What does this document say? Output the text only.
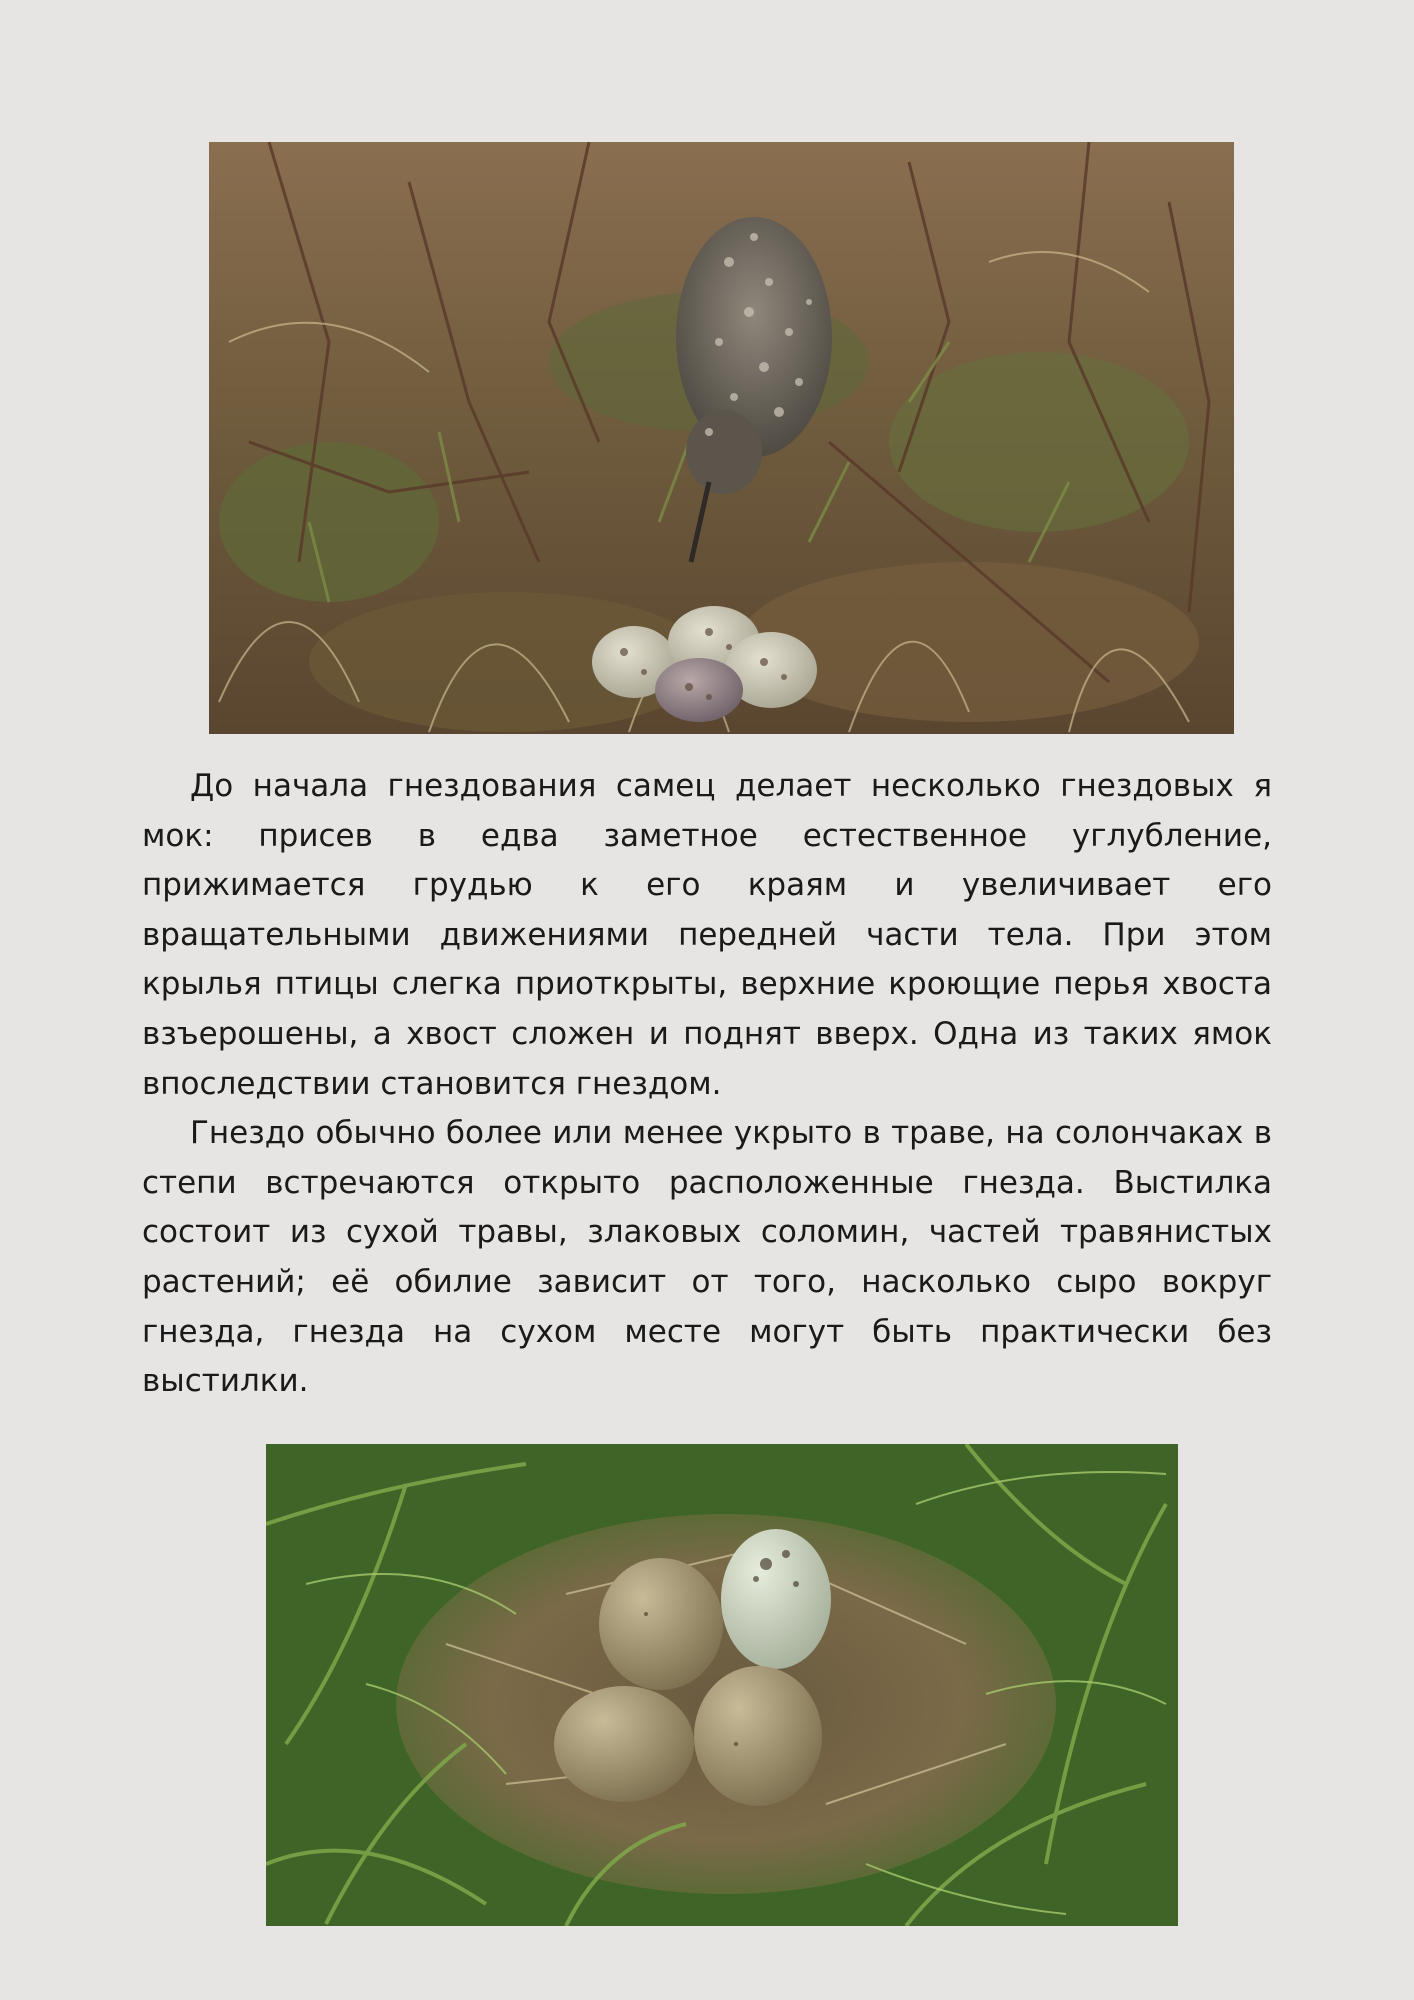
До начала гнездования самец делает несколько гнездовых я мок: присев в едва заметное естественное углубление, прижимается грудью к его краям и увеличивает его вращательными движениями передней части тела. При этом крылья птицы слегка приоткрыты, верхние кроющие перья хвоста взъерошены, а хвост сложен и поднят вверх. Одна из таких ямок впоследствии становится гнездом.

Гнездо обычно более или менее укрыто в траве, на солончаках в степи встречаются открыто расположенные гнезда. Выстилка состоит из сухой травы, злаковых соломин, частей травянистых растений; её обилие зависит от того, насколько сыро вокруг гнезда, гнезда на сухом месте могут быть практически без выстилки.
